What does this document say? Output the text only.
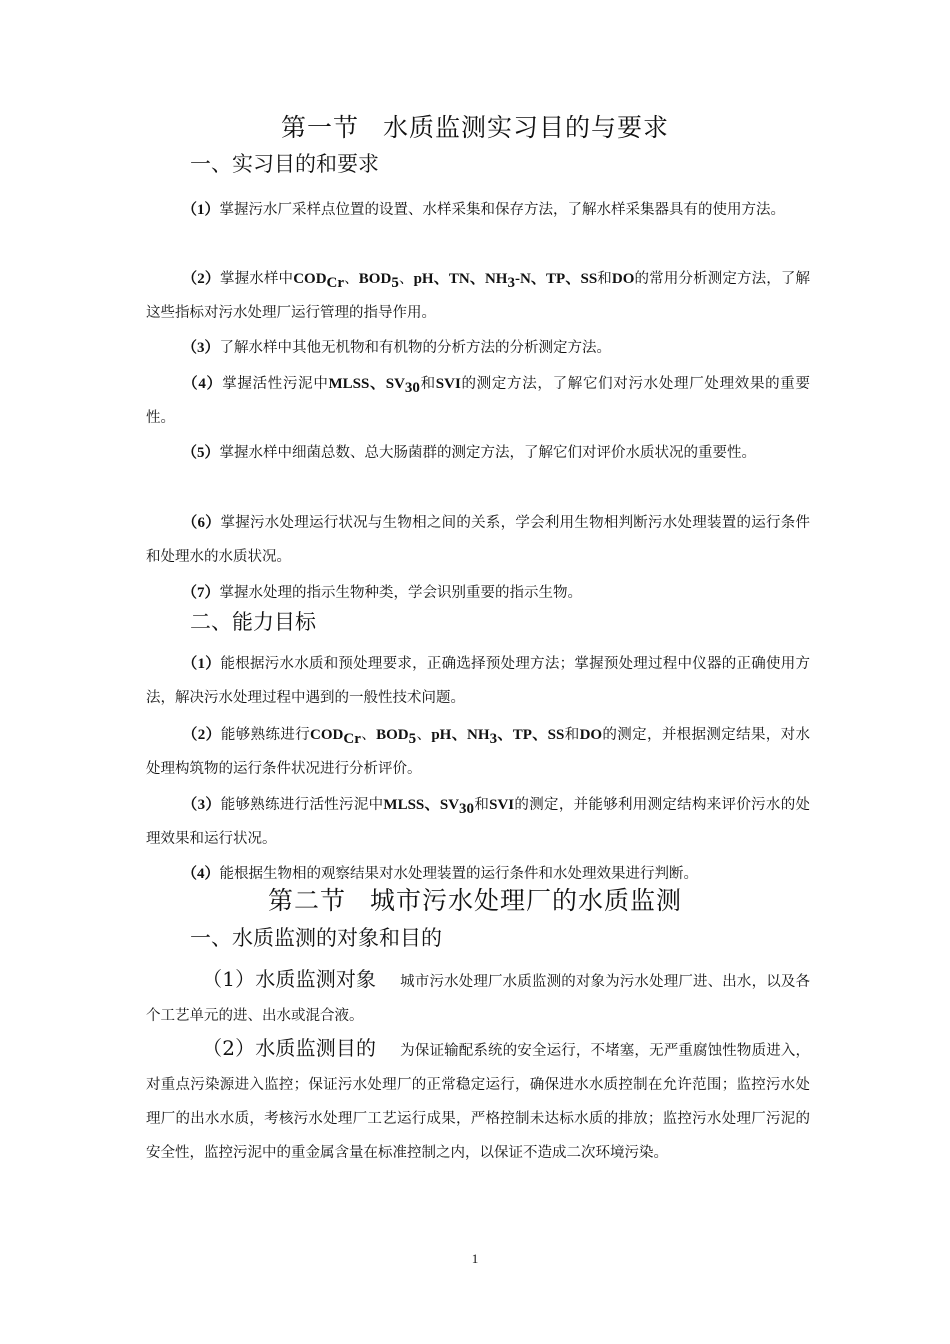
第一节 水质监测实习目的与要求
一、实习目的和要求
（1）掌握污水厂采样点位置的设置、水样采集和保存方法，了解水样采集器具有的使用方法。
（2）掌握水样中$COD_{Cr}$、$BOD_5$、pH、TN、$NH_3-N$、TP、SS和DO的常用分析测定方法，了解这些指标对污水处理厂运行管理的指导作用。
（3）了解水样中其他无机物和有机物的分析方法的分析测定方法。
（4）掌握活性污泥中MLSS、$SV_{30}$和SVI的测定方法，了解它们对污水处理厂处理效果的重要性。
（5）掌握水样中细菌总数、总大肠菌群的测定方法，了解它们对评价水质状况的重要性。
（6）掌握污水处理运行状况与生物相之间的关系，学会利用生物相判断污水处理装置的运行条件和处理水的水质状况。
（7）掌握水处理的指示生物种类，学会识别重要的指示生物。
二、能力目标
（1）能根据污水水质和预处理要求，正确选择预处理方法；掌握预处理过程中仪器的正确使用方法，解决污水处理过程中遇到的一般性技术问题。
（2）能够熟练进行$COD_{Cr}$、$BOD_5$、pH、$NH_3$、TP、SS和DO的测定，并根据测定结果，对水处理构筑物的运行条件状况进行分析评价。
（3）能够熟练进行活性污泥中MLSS、$SV_{30}$和SVI的测定，并能够利用测定结构来评价污水的处理效果和运行状况。
（4）能根据生物相的观察结果对水处理装置的运行条件和水处理效果进行判断。
第二节 城市污水处理厂的水质监测
一、水质监测的对象和目的
（1）水质监测对象 城市污水处理厂水质监测的对象为污水处理厂进、出水，以及各个工艺单元的进、出水或混合液。
（2）水质监测目的 为保证输配系统的安全运行，不堵塞，无严重腐蚀性物质进入，对重点污染源进入监控；保证污水处理厂的正常稳定运行，确保进水水质控制在允许范围；监控污水处理厂的出水水质，考核污水处理厂工艺运行成果，严格控制未达标水质的排放；监控污水处理厂污泥的安全性，监控污泥中的重金属含量在标准控制之内，以保证不造成二次环境污染。
1
